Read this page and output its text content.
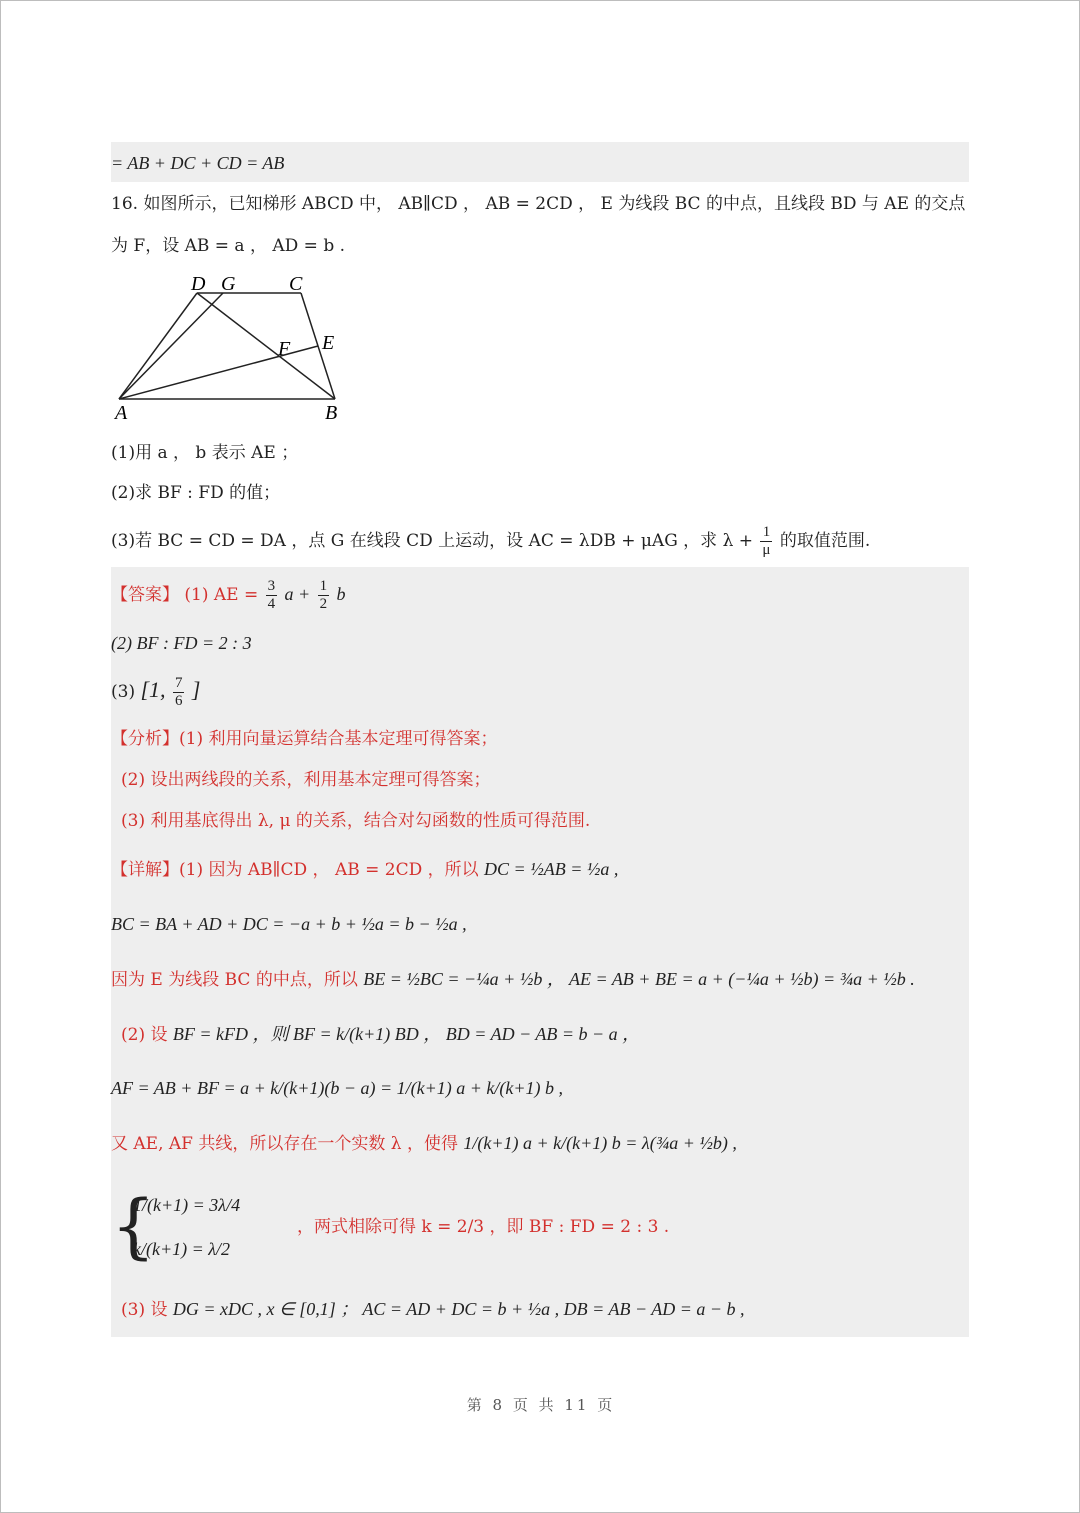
= AB + DC + CD = AB
16. 如图所示，已知梯形 ABCD 中， AB∥CD ， AB = 2CD ， E 为线段 BC 的中点，且线段 BD 与 AE 的交点
为 F，设 AB = a ， AD = b .
D G	C
F E
A	B
(1)用 a ， b 表示 AE ；
(2)求 BF : FD 的值；
(3)若 BC = CD = DA ，点 G 在线段 CD 上运动，设 AC = λDB + μAG ，求 $\lambda + \frac{1}{\mu}$ 的取值范围.
【答案】 (1) AE = $\frac{3}{4}$ $a + \frac{1}{2}$ b
(2) BF : FD = 2 : 3
(3) [1, $\frac{7}{6}$ ]
【分析】(1) 利用向量运算结合基本定理可得答案；
(2) 设出两线段的关系，利用基本定理可得答案；
(3) 利用基底得出 λ, μ 的关系，结合对勾函数的性质可得范围.
【详解】(1) 因为 AB∥CD ， AB = 2CD ，所以 DC = ½AB = ½a ,
BC = BA + AD + DC = −a + b + ½a = b − ½a ,
因为 E 为线段 BC 的中点，所以 BE = ½BC = −¼a + ½b ， AE = AB + BE = a + (−¼a + ½b) = ¾a + ½b .
(2) 设 BF = kFD ，则 BF = k/(k+1) BD ， BD = AD − AB = b − a ，
AF = AB + BF = a + k/(k+1)(b − a) = 1/(k+1) a + k/(k+1) b ,
又 AE, AF 共线，所以存在一个实数 λ ，使得 1/(k+1) a + k/(k+1) b = λ(¾a + ½b) ,
{
1/(k+1) = 3λ/4
k/(k+1) = λ/2
，两式相除可得 k = 2/3 ，即 BF : FD = 2 : 3 .
(3) 设 DG = xDC , x ∈ [0,1] ； AC = AD + DC = b + ½a , DB = AB − AD = a − b ,
第 8 页 共 11 页
